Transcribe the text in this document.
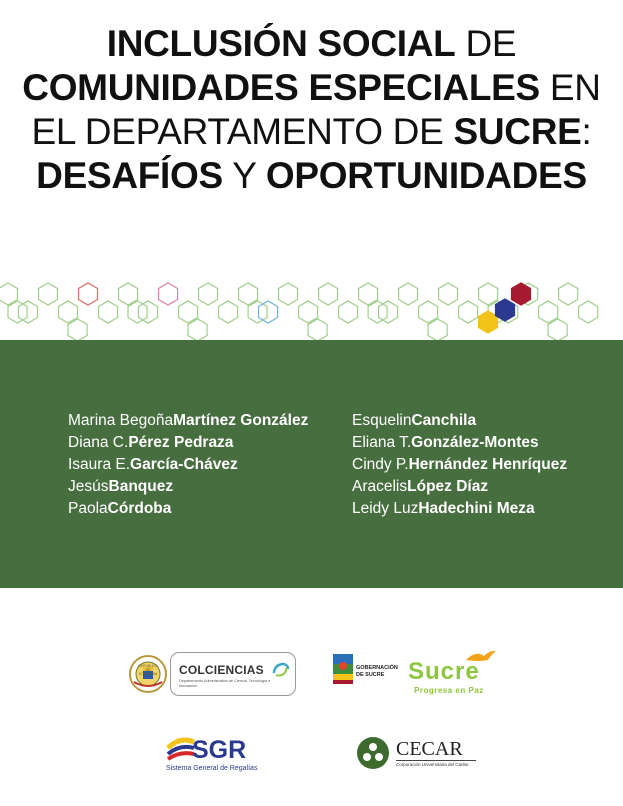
INCLUSIÓN SOCIAL DE
COMUNIDADES ESPECIALES EN
EL DEPARTAMENTO DE SUCRE:
DESAFÍOS Y OPORTUNIDADES
Marina BegoñaMartínez González
Diana C.Pérez Pedraza
Isaura E.García-Chávez
JesúsBanquez
PaolaCórdoba
EsquelinCanchila
Eliana T.González-Montes
Cindy P.Hernández Henríquez
AracelisLópez Díaz
Leidy LuzHadechini Meza
REPÚBLICA DE COLOMBIA COLCIENCIAS
Departamento Administrativo de Ciencia, Tecnología e Innovación
GOBERNACIÓN
DE SUCRE Sucre
Progresa en Paz
SGR
Sistema General de Regalías
CECAR
Corporación Universitaria del Caribe
